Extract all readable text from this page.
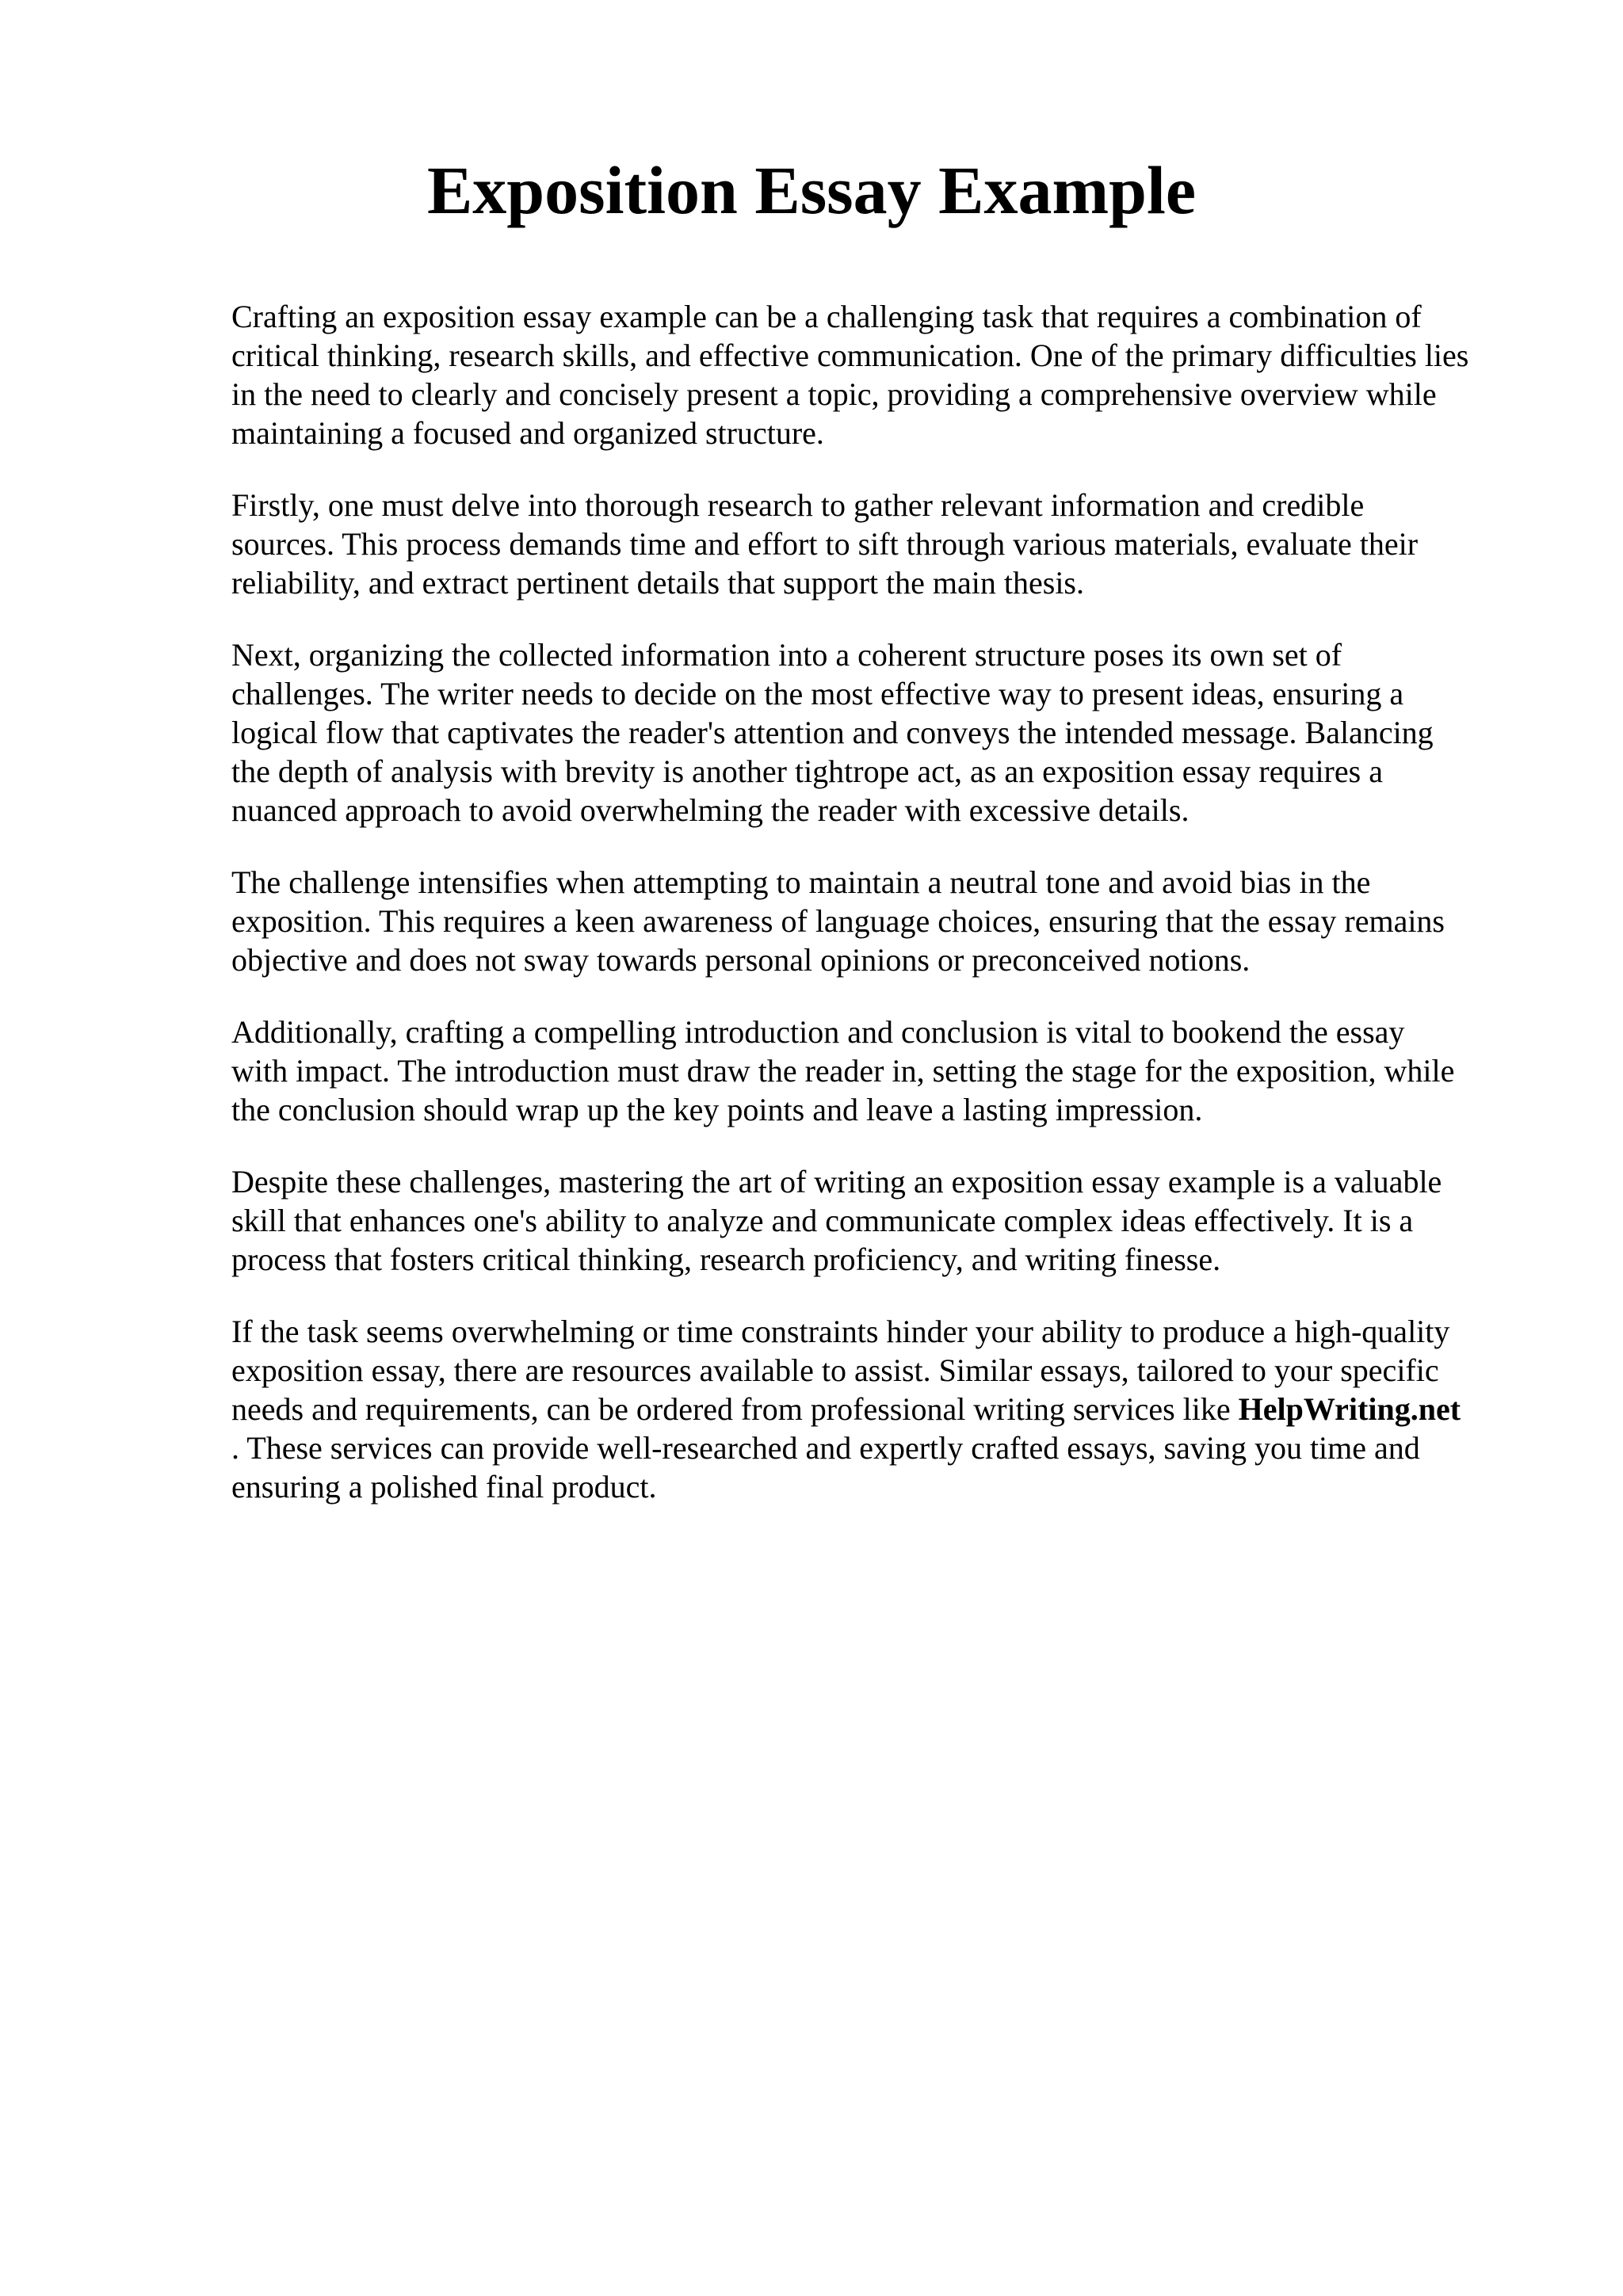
Exposition Essay Example

Crafting an exposition essay example can be a challenging task that requires a combination of
critical thinking, research skills, and effective communication. One of the primary difficulties lies
in the need to clearly and concisely present a topic, providing a comprehensive overview while
maintaining a focused and organized structure.

Firstly, one must delve into thorough research to gather relevant information and credible
sources. This process demands time and effort to sift through various materials, evaluate their
reliability, and extract pertinent details that support the main thesis.

Next, organizing the collected information into a coherent structure poses its own set of
challenges. The writer needs to decide on the most effective way to present ideas, ensuring a
logical flow that captivates the reader's attention and conveys the intended message. Balancing
the depth of analysis with brevity is another tightrope act, as an exposition essay requires a
nuanced approach to avoid overwhelming the reader with excessive details.

The challenge intensifies when attempting to maintain a neutral tone and avoid bias in the
exposition. This requires a keen awareness of language choices, ensuring that the essay remains
objective and does not sway towards personal opinions or preconceived notions.

Additionally, crafting a compelling introduction and conclusion is vital to bookend the essay
with impact. The introduction must draw the reader in, setting the stage for the exposition, while
the conclusion should wrap up the key points and leave a lasting impression.

Despite these challenges, mastering the art of writing an exposition essay example is a valuable
skill that enhances one's ability to analyze and communicate complex ideas effectively. It is a
process that fosters critical thinking, research proficiency, and writing finesse.

If the task seems overwhelming or time constraints hinder your ability to produce a high-quality
exposition essay, there are resources available to assist. Similar essays, tailored to your specific
needs and requirements, can be ordered from professional writing services like HelpWriting.net
. These services can provide well-researched and expertly crafted essays, saving you time and
ensuring a polished final product.
